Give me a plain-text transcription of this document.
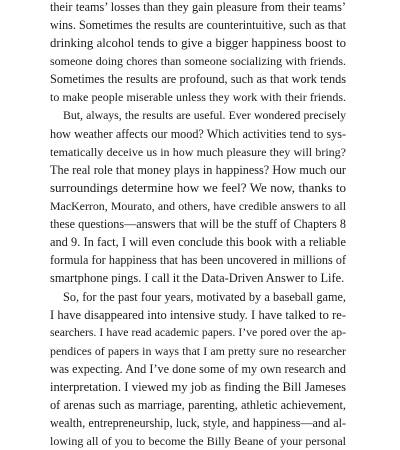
their teams’ losses than they gain pleasure from their teams’
wins. Sometimes the results are counterintuitive, such as that
drinking alcohol tends to give a bigger happiness boost to
someone doing chores than someone socializing with friends.
Sometimes the results are profound, such as that work tends
to make people miserable unless they work with their friends.
But, always, the results are useful. Ever wondered precisely
how weather affects our mood? Which activities tend to sys-
tematically deceive us in how much pleasure they will bring?
The real role that money plays in happiness? How much our
surroundings determine how we feel? We now, thanks to
MacKerron, Mourato, and others, have credible answers to all
these questions—answers that will be the stuff of Chapters 8
and 9. In fact, I will even conclude this book with a reliable
formula for happiness that has been uncovered in millions of
smartphone pings. I call it the Data-Driven Answer to Life.
So, for the past four years, motivated by a baseball game,
I have disappeared into intensive study. I have talked to re-
searchers. I have read academic papers. I’ve pored over the ap-
pendices of papers in ways that I am pretty sure no researcher
was expecting. And I’ve done some of my own research and
interpretation. I viewed my job as finding the Bill Jameses
of arenas such as marriage, parenting, athletic achievement,
wealth, entrepreneurship, luck, style, and happiness—and al-
lowing all of you to become the Billy Beane of your personal
